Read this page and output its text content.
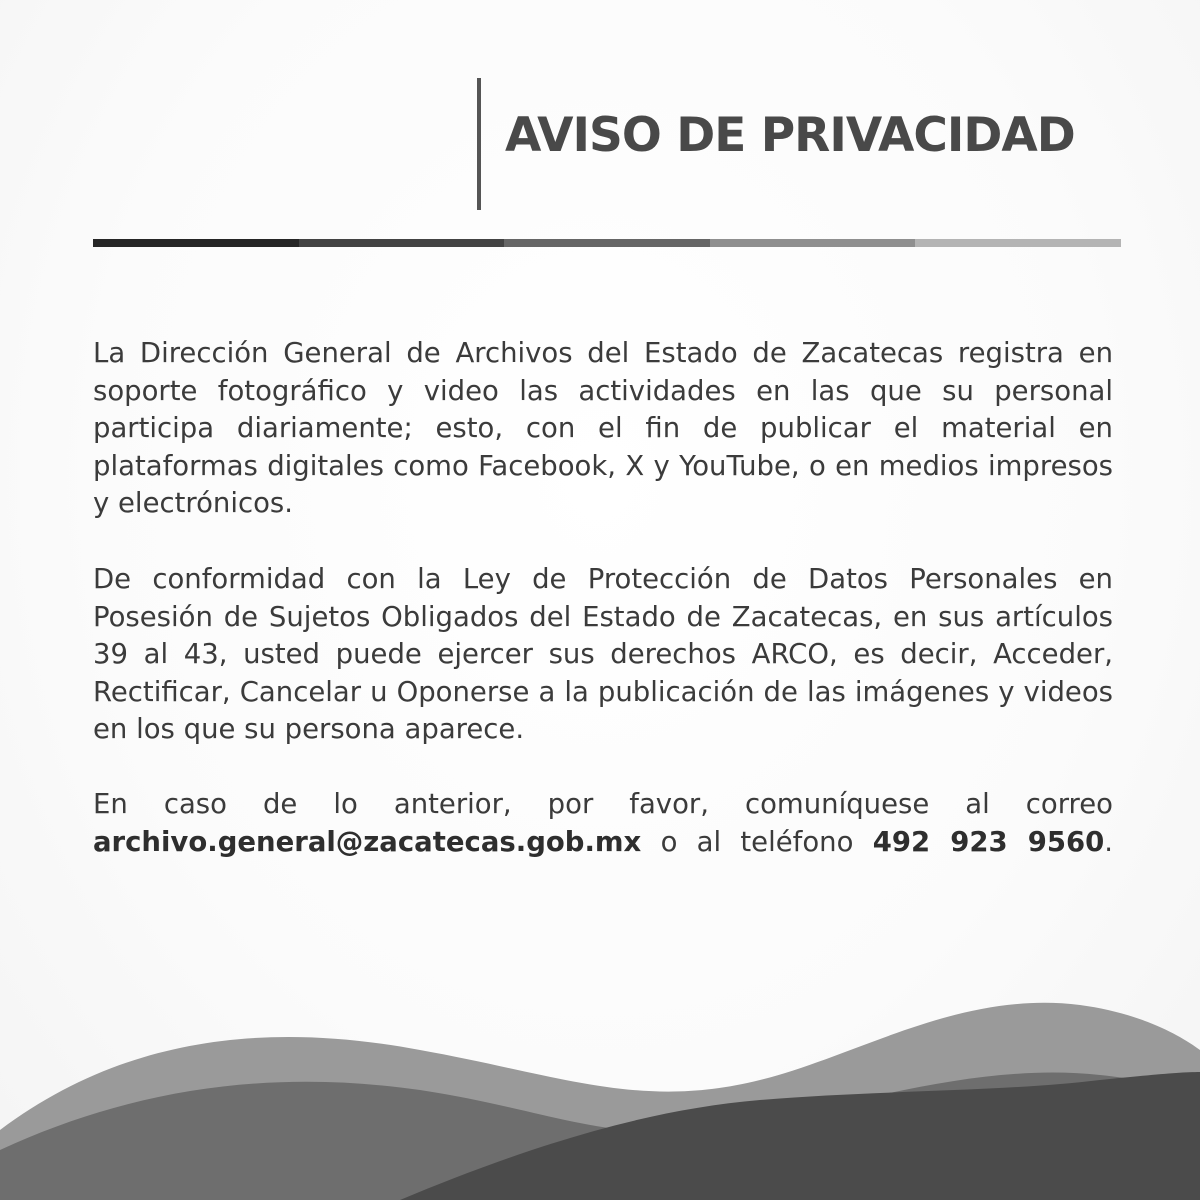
AVISO DE PRIVACIDAD

La Dirección General de Archivos del Estado de Zacatecas registra en soporte fotográfico y video las actividades en las que su personal participa diariamente; esto, con el fin de publicar el material en plataformas digitales como Facebook, X y YouTube, o en medios impresos y electrónicos.

De conformidad con la Ley de Protección de Datos Personales en Posesión de Sujetos Obligados del Estado de Zacatecas, en sus artículos 39 al 43, usted puede ejercer sus derechos ARCO, es decir, Acceder, Rectificar, Cancelar u Oponerse a la publicación de las imágenes y videos en los que su persona aparece.

En caso de lo anterior, por favor, comuníquese al correo archivo.general@zacatecas.gob.mx o al teléfono 492 923 9560.
